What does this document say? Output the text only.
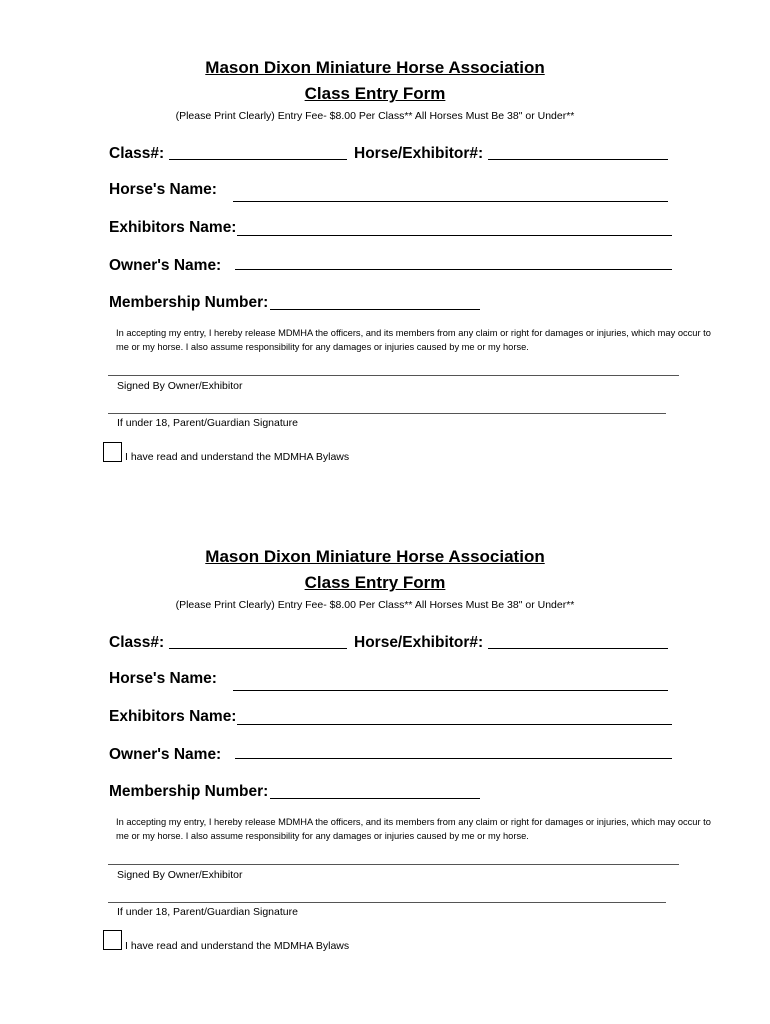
Mason Dixon Miniature Horse Association
Class Entry Form
(Please Print Clearly) Entry Fee- $8.00 Per Class** All Horses Must Be 38" or Under**
Class#:	Horse/Exhibitor#:
Horse's Name:
Exhibitors Name:
Owner's Name:
Membership Number:
In accepting my entry, I hereby release MDMHA the officers, and its members from any claim or right for damages or injuries, which may occur to me or my horse. I also assume responsibility for any damages or injuries caused by me or my horse.
Signed By Owner/Exhibitor
If under 18, Parent/Guardian Signature
I have read and understand the MDMHA Bylaws
Mason Dixon Miniature Horse Association
Class Entry Form
(Please Print Clearly) Entry Fee- $8.00 Per Class** All Horses Must Be 38" or Under**
Class#:	Horse/Exhibitor#:
Horse's Name:
Exhibitors Name:
Owner's Name:
Membership Number:
In accepting my entry, I hereby release MDMHA the officers, and its members from any claim or right for damages or injuries, which may occur to me or my horse. I also assume responsibility for any damages or injuries caused by me or my horse.
Signed By Owner/Exhibitor
If under 18, Parent/Guardian Signature
I have read and understand the MDMHA Bylaws
